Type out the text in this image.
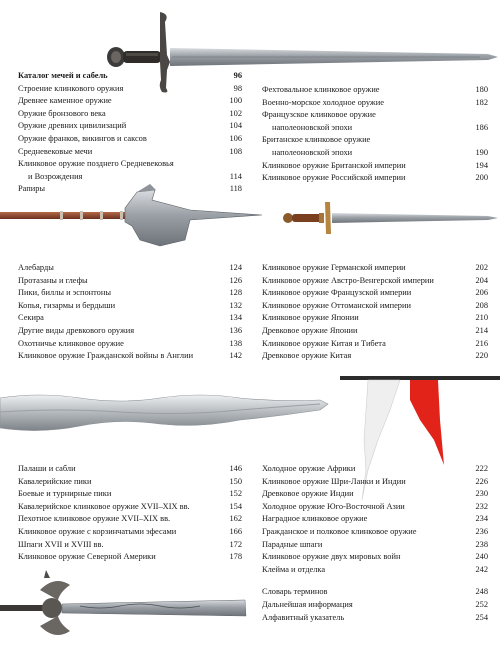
Каталог мечей и сабель	96
Строение клинкового оружия	98
Древнее каменное оружие	100
Оружие бронзового века	102
Оружие древних цивилизаций	104
Оружие франков, викингов и саксов	106
Средневековые мечи	108
Клинковое оружие позднего Средневековья
и Возрождения	114
Рапиры	118
Фехтовальное клинковое оружие	180
Военно-морское холодное оружие	182
Французское клинковое оружие
наполеоновской эпохи	186
Британское клинковое оружие
наполеоновской эпохи	190
Клинковое оружие Британской империи	194
Клинковое оружие Российской империи	200
Алебарды	124
Протазаны и глефы	126
Пики, биллы и эспонтоны	128
Копья, гизармы и бердыши	132
Секира	134
Другие виды древкового оружия	136
Охотничье клинковое оружие	138
Клинковое оружие Гражданской войны в Англии	142
Клинковое оружие Германской империи	202
Клинковое оружие Австро-Венгерской империи	204
Клинковое оружие Французской империи	206
Клинковое оружие Оттоманской империи	208
Клинковое оружие Японии	210
Древковое оружие Японии	214
Клинковое оружие Китая и Тибета	216
Древковое оружие Китая	220
Палаши и сабли	146
Кавалерийские пики	150
Боевые и турнирные пики	152
Кавалерийское клинковое оружие XVII–XIX вв.	154
Пехотное клинковое оружие XVII–XIX вв.	162
Клинковое оружие с корзинчатыми эфесами	166
Шпаги XVII и XVIII вв.	172
Клинковое оружие Северной Америки	178
Холодное оружие Африки	222
Клинковое оружие Шри-Ланки и Индии	226
Древковое оружие Индии	230
Холодное оружие Юго-Восточной Азии	232
Наградное клинковое оружие	234
Гражданское и полковое клинковое оружие	236
Парадные шпаги	238
Клинковое оружие двух мировых войн	240
Клейма и отделка	242
Словарь терминов	248
Дальнейшая информация	252
Алфавитный указатель	254
